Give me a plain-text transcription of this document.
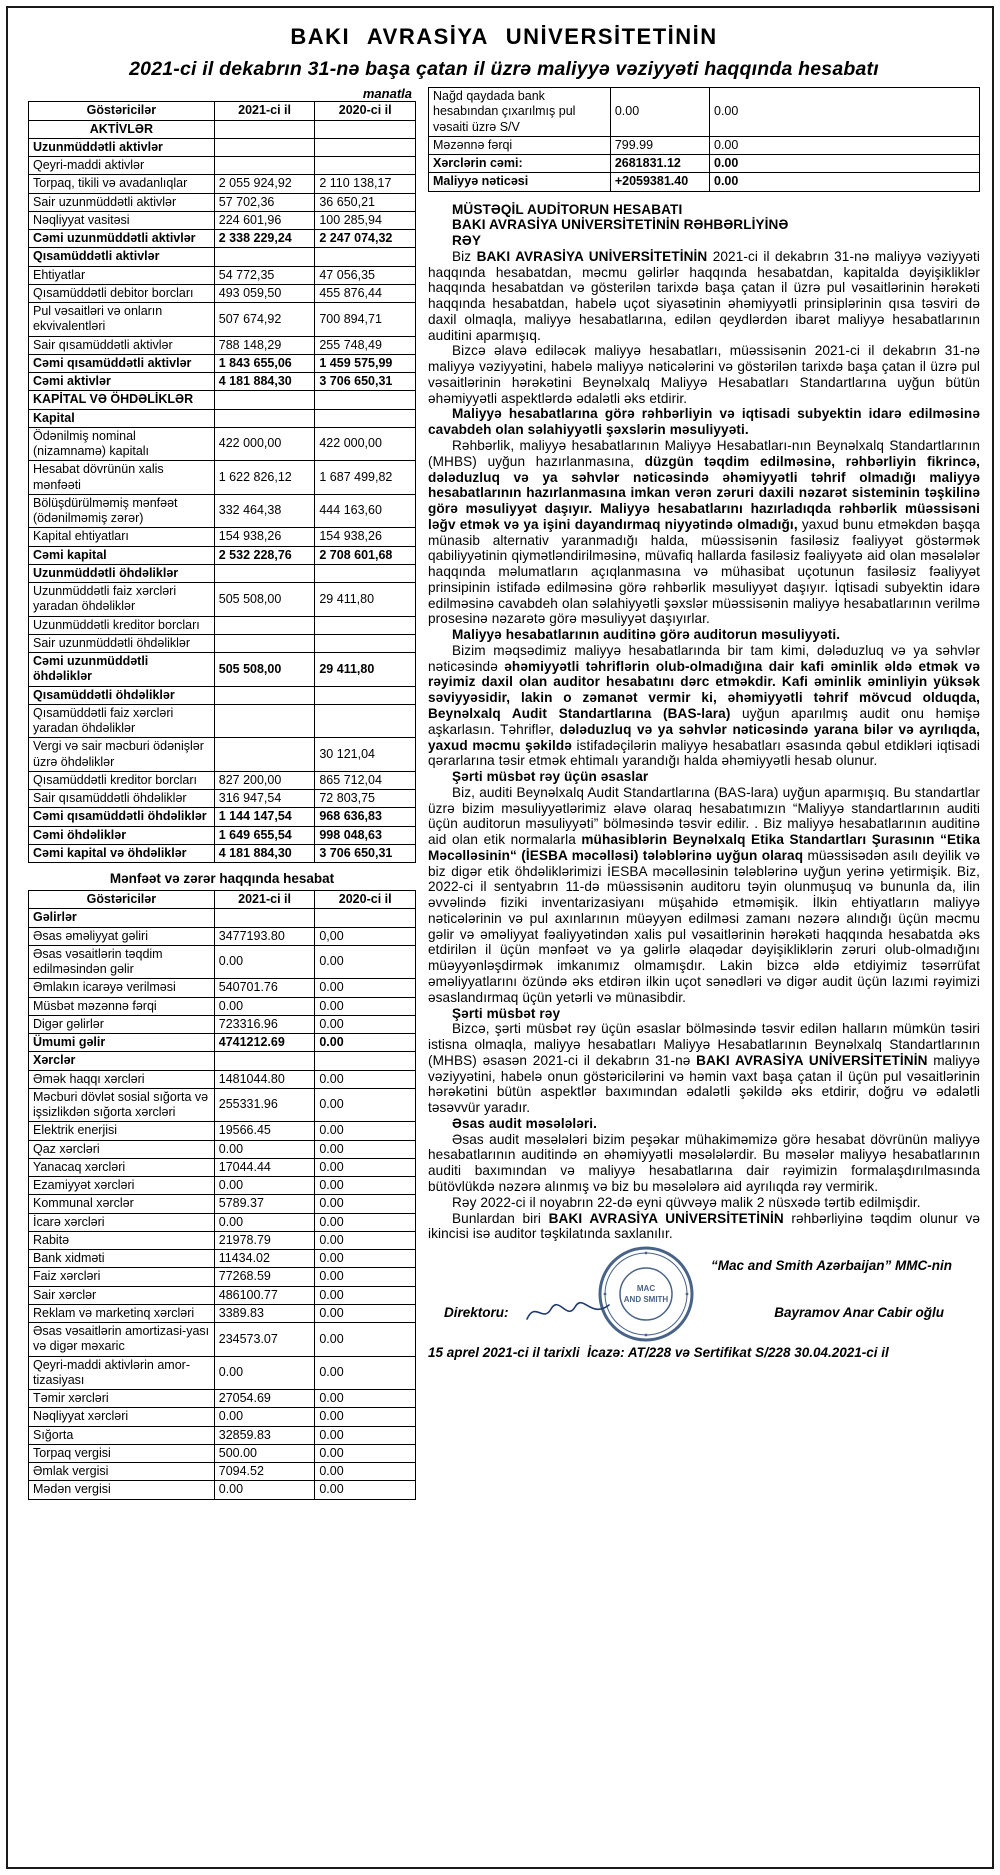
BAKI AVRASİYA UNİVERSİTETİNİN
2021-ci il dekabrın 31-nə başa çatan il üzrə maliyyə vəziyyəti haqqında hesabatı
manatla
Göstəricilər	2021-ci il	2020-ci il
AKTİVLƏR		
Uzunmüddətli aktivlər		
Qeyri-maddi aktivlər		
Torpaq, tikili və avadanlıqlar	2 055 924,92	2 110 138,17
Sair uzunmüddətli aktivlər	57 702,36	36 650,21
Nəqliyyat vasitəsi	224 601,96	100 285,94
Cəmi uzunmüddətli aktivlər	2 338 229,24	2 247 074,32
Qısamüddətli aktivlər		
Ehtiyatlar	54 772,35	47 056,35
Qısamüddətli debitor borcları	493 059,50	455 876,44
Pul vəsaitləri və onların ekvivalentləri	507 674,92	700 894,71
Sair qısamüddətli aktivlər	788 148,29	255 748,49
Cəmi qısamüddətli aktivlər	1 843 655,06	1 459 575,99
Cəmi aktivlər	4 181 884,30	3 706 650,31
KAPİTAL VƏ ÖHDƏLİKLƏR		
Kapital		
Ödənilmiş nominal (nizamnamə) kapitalı	422 000,00	422 000,00
Hesabat dövrünün xalis mənfəəti	1 622 826,12	1 687 499,82
Bölüşdürülməmiş mənfəət (ödənilməmiş zərər)	332 464,38	444 163,60
Kapital ehtiyatları	154 938,26	154 938,26
Cəmi kapital	2 532 228,76	2 708 601,68
Uzunmüddətli öhdəliklər		
Uzunmüddətli faiz xərcləri yaradan öhdəliklər	505 508,00	29 411,80
Uzunmüddətli kreditor borcları		
Sair uzunmüddətli öhdəliklər		
Cəmi uzunmüddətli öhdəliklər	505 508,00	29 411,80
Qısamüddətli öhdəliklər		
Qısamüddətli faiz xərcləri yaradan öhdəliklər		
Vergi və sair məcburi ödənişlər üzrə öhdəliklər		30 121,04
Qısamüddətli kreditor borcları	827 200,00	865 712,04
Sair qısamüddətli öhdəliklər	316 947,54	72 803,75
Cəmi qısamüddətli öhdəliklər	1 144 147,54	968 636,83
Cəmi öhdəliklər	1 649 655,54	998 048,63
Cəmi kapital və öhdəliklər	4 181 884,30	3 706 650,31
Mənfəət və zərər haqqında hesabat
Göstəricilər	2021-ci il	2020-ci il
Gəlirlər		
Əsas əməliyyat gəliri	3477193.80	0,00
Əsas vəsaitlərin təqdim edilməsindən gəlir	0.00	0.00
Əmlakın icarəyə verilməsi	540701.76	0.00
Müsbət məzənnə fərqi	0.00	0.00
Digər gəlirlər	723316.96	0.00
Ümumi gəlir	4741212.69	0.00
Xərclər		
Əmək haqqı xərcləri	1481044.80	0.00
Məcburi dövlət sosial sığorta və işsizlikdən sığorta xərcləri	255331.96	0.00
Elektrik enerjisi	19566.45	0.00
Qaz xərcləri	0.00	0.00
Yanacaq xərcləri	17044.44	0.00
Ezamiyyət xərcləri	0.00	0.00
Kommunal xərclər	5789.37	0.00
İcarə xərcləri	0.00	0.00
Rabitə	21978.79	0.00
Bank xidməti	11434.02	0.00
Faiz xərcləri	77268.59	0.00
Sair xərclər	486100.77	0.00
Reklam və marketinq xərcləri	3389.83	0.00
Əsas vəsaitlərin amortizasi-yası və digər məxaric	234573.07	0.00
Qeyri-maddi aktivlərin amor-tizasiyası	0.00	0.00
Təmir xərcləri	27054.69	0.00
Nəqliyyat xərcləri	0.00	0.00
Sığorta	32859.83	0.00
Torpaq vergisi	500.00	0.00
Əmlak vergisi	7094.52	0.00
Mədən vergisi	0.00	0.00
Nağd qaydada bank hesabından çıxarılmış pul vəsaiti üzrə S/V	0.00	0.00
Məzənnə fərqi	799.99	0.00
Xərclərin cəmi:	2681831.12	0.00
Maliyyə nəticəsi	+2059381.40	0.00

MÜSTƏQİL AUDİTORUN HESABATI

BAKI AVRASİYA UNİVERSİTETİNİN RƏHBƏRLİYİNƏ

RƏY

Biz BAKI AVRASİYA UNİVERSİTETİNİN 2021-ci il dekabrın 31-nə maliyyə vəziyyəti haqqında hesabatdan, məcmu gəlirlər haqqında hesabatdan, kapitalda dəyişikliklər haqqında hesabatdan və gösterilən tarixdə başa çatan il üzrə pul vəsaitlərinin hərəkəti haqqında hesabatdan, habelə uçot siyasətinin əhəmiyyətli prinsiplərinin qısa təsviri də daxil olmaqla, maliyyə hesabatlarına, edilən qeydlərdən ibarət maliyyə hesabatlarının auditini aparmışıq.

Bizcə əlavə ediləcək maliyyə hesabatları, müəssisənin 2021-ci il dekabrın 31-nə maliyyə vəziyyətini, habelə maliyyə nəticələrini və göstərilən tarixdə başa çatan il üzrə pul vəsaitlərinin hərəkətini Beynəlxalq Maliyyə Hesabatları Standartlarına uyğun bütün əhəmiyyətli aspektlərdə ədalətli əks etdirir.

Maliyyə hesabatlarına görə rəhbərliyin və iqtisadi subyektin idarə edilməsinə cavabdeh olan səlahiyyətli şəxslərin məsuliyyəti.

Rəhbərlik, maliyyə hesabatlarının Maliyyə Hesabatları-nın Beynəlxalq Standartlarının (MHBS) uyğun hazırlanmasına, düzgün təqdim edilməsinə, rəhbərliyin fikrincə, dələduzluq və ya səhvlər nəticəsində əhəmiyyətli təhrif olmadığı maliyyə hesabatlarının hazırlanmasına imkan verən zəruri daxili nəzarət sisteminin təşkilinə görə məsuliyyət daşıyır. Maliyyə hesabatlarını hazırladıqda rəhbərlik müəssisəni ləğv etmək və ya işini dayandırmaq niyyətində olmadığı, yaxud bunu etməkdən başqa münasib alternativ yaranmadığı halda, müəssisənin fasiləsiz fəaliyyət göstərmək qabiliyyətinin qiymətləndirilməsinə, müvafiq hallarda fasiləsiz fəaliyyətə aid olan məsələlər haqqında məlumatların açıqlanmasına və mühasibat uçotunun fasiləsiz fəaliyyət prinsipinin istifadə edilməsinə görə rəhbərlik məsuliyyət daşıyır. İqtisadi subyektin idarə edilməsinə cavabdeh olan səlahiyyətli şəxslər müəssisənin maliyyə hesabatlarının verilmə prosesinə nəzarətə görə məsuliyyət daşıyırlar.

Maliyyə hesabatlarının auditinə görə auditorun məsuliyyəti.

Bizim məqsədimiz maliyyə hesabatlarında bir tam kimi, dələduzluq və ya səhvlər nəticəsində əhəmiyyətli təhriflərin olub-olmadığına dair kafi əminlik əldə etmək və rəyimiz daxil olan auditor hesabatını dərc etməkdir. Kafi əminlik əminliyin yüksək səviyyəsidir, lakin o zəmanət vermir ki, əhəmiyyətli təhrif mövcud olduqda, Beynəlxalq Audit Standartlarına (BAS-lara) uyğun aparılmış audit onu həmişə aşkarlasın. Təhriflər, dələduzluq və ya səhvlər nəticəsində yarana bilər və ayrılıqda, yaxud məcmu şəkildə istifadəçilərin maliyyə hesabatları əsasında qəbul etdikləri iqtisadi qərarlarına təsir etmək ehtimalı yarandığı halda əhəmiyyətli hesab olunur.

Şərti müsbət rəy üçün əsaslar

Biz, auditi Beynəlxalq Audit Standartlarına (BAS-lara) uyğun aparmışıq. Bu standartlar üzrə bizim məsuliyyətlərimiz əlavə olaraq hesabatımızın “Maliyyə standartlarının auditi üçün auditorun məsuliyyəti” bölməsində təsvir edilir. . Biz maliyyə hesabatlarının auditinə aid olan etik normalarla mühasiblərin Beynəlxalq Etika Standartları Şurasının “Etika Məcəlləsinin“ (İESBA məcəlləsi) tələblərinə uyğun olaraq müəssisədən asılı deyilik və biz digər etik öhdəliklərimizi İESBA məcəlləsinin tələblərinə uyğun yerinə yetirmişik. Biz, 2022-ci il sentyabrın 11-də müəssisənin auditoru təyin olunmuşuq və bununla da, ilin əvvəlində fiziki inventarizasiyanı müşahidə etməmişik. İlkin ehtiyatların maliyyə nəticələrinin və pul axınlarının müəyyən edilməsi zamanı nəzərə alındığı üçün məcmu gəlir və əməliyyat fəaliyyətindən xalis pul vəsaitlərinin hərəkəti haqqında hesabatda əks etdirilən il üçün mənfəət və ya gəlirlə əlaqədar dəyişikliklərin zəruri olub-olmadığını müəyyənləşdirmək imkanımız olmamışdır. Lakin bizcə əldə etdiyimiz təsərrüfat əməliyyatlarını özündə əks etdirən ilkin uçot sənədləri və digər audit üçün lazımi rəyimizi əsaslandırmaq üçün yetərli və münasibdir.

Şərti müsbət rəy

Bizcə, şərti müsbət rəy üçün əsaslar bölməsində təsvir edilən halların mümkün təsiri istisna olmaqla, maliyyə hesabatları Maliyyə Hesabatlarının Beynəlxalq Standartlarının (MHBS) əsasən 2021-ci il dekabrın 31-nə BAKI AVRASİYA UNİVERSİTETİNİN maliyyə vəziyyətini, habelə onun göstəricilərini və həmin vaxt başa çatan il üçün pul vəsaitlərinin hərəkətini bütün aspektlər baxımından ədalətli şəkildə əks etdirir, doğru və ədalətli təsəvvür yaradır.

Əsas audit məsələləri.

Əsas audit məsələləri bizim peşəkar mühakiməmizə görə hesabat dövrünün maliyyə hesabatlarının auditində ən əhəmiyyətli məsələlərdir. Bu məsələr maliyyə hesabatlarının auditi baxımından və maliyyə hesabatlarına dair rəyimizin formalaşdırılmasında bütövlükdə nəzərə alınmış və biz bu məsələlərə aid ayrılıqda rəy vermirik.

Rəy 2022-ci il noyabrın 22-də eyni qüvvəyə malik 2 nüsxədə tərtib edilmişdir.

Bunlardan biri BAKI AVRASİYA UNİVERSİTETİNİN rəhbərliyinə təqdim olunur və ikincisi isə auditor təşkilatında saxlanılır.

“Mac and Smith Azərbaijan” MMC-nin
Direktoru:	Bayramov Anar Cabir oğlu
15 aprel 2021-ci il tarixli  İcazə: AT/228 və Sertifikat S/228 30.04.2021-ci il
MAC
AND SMITH
